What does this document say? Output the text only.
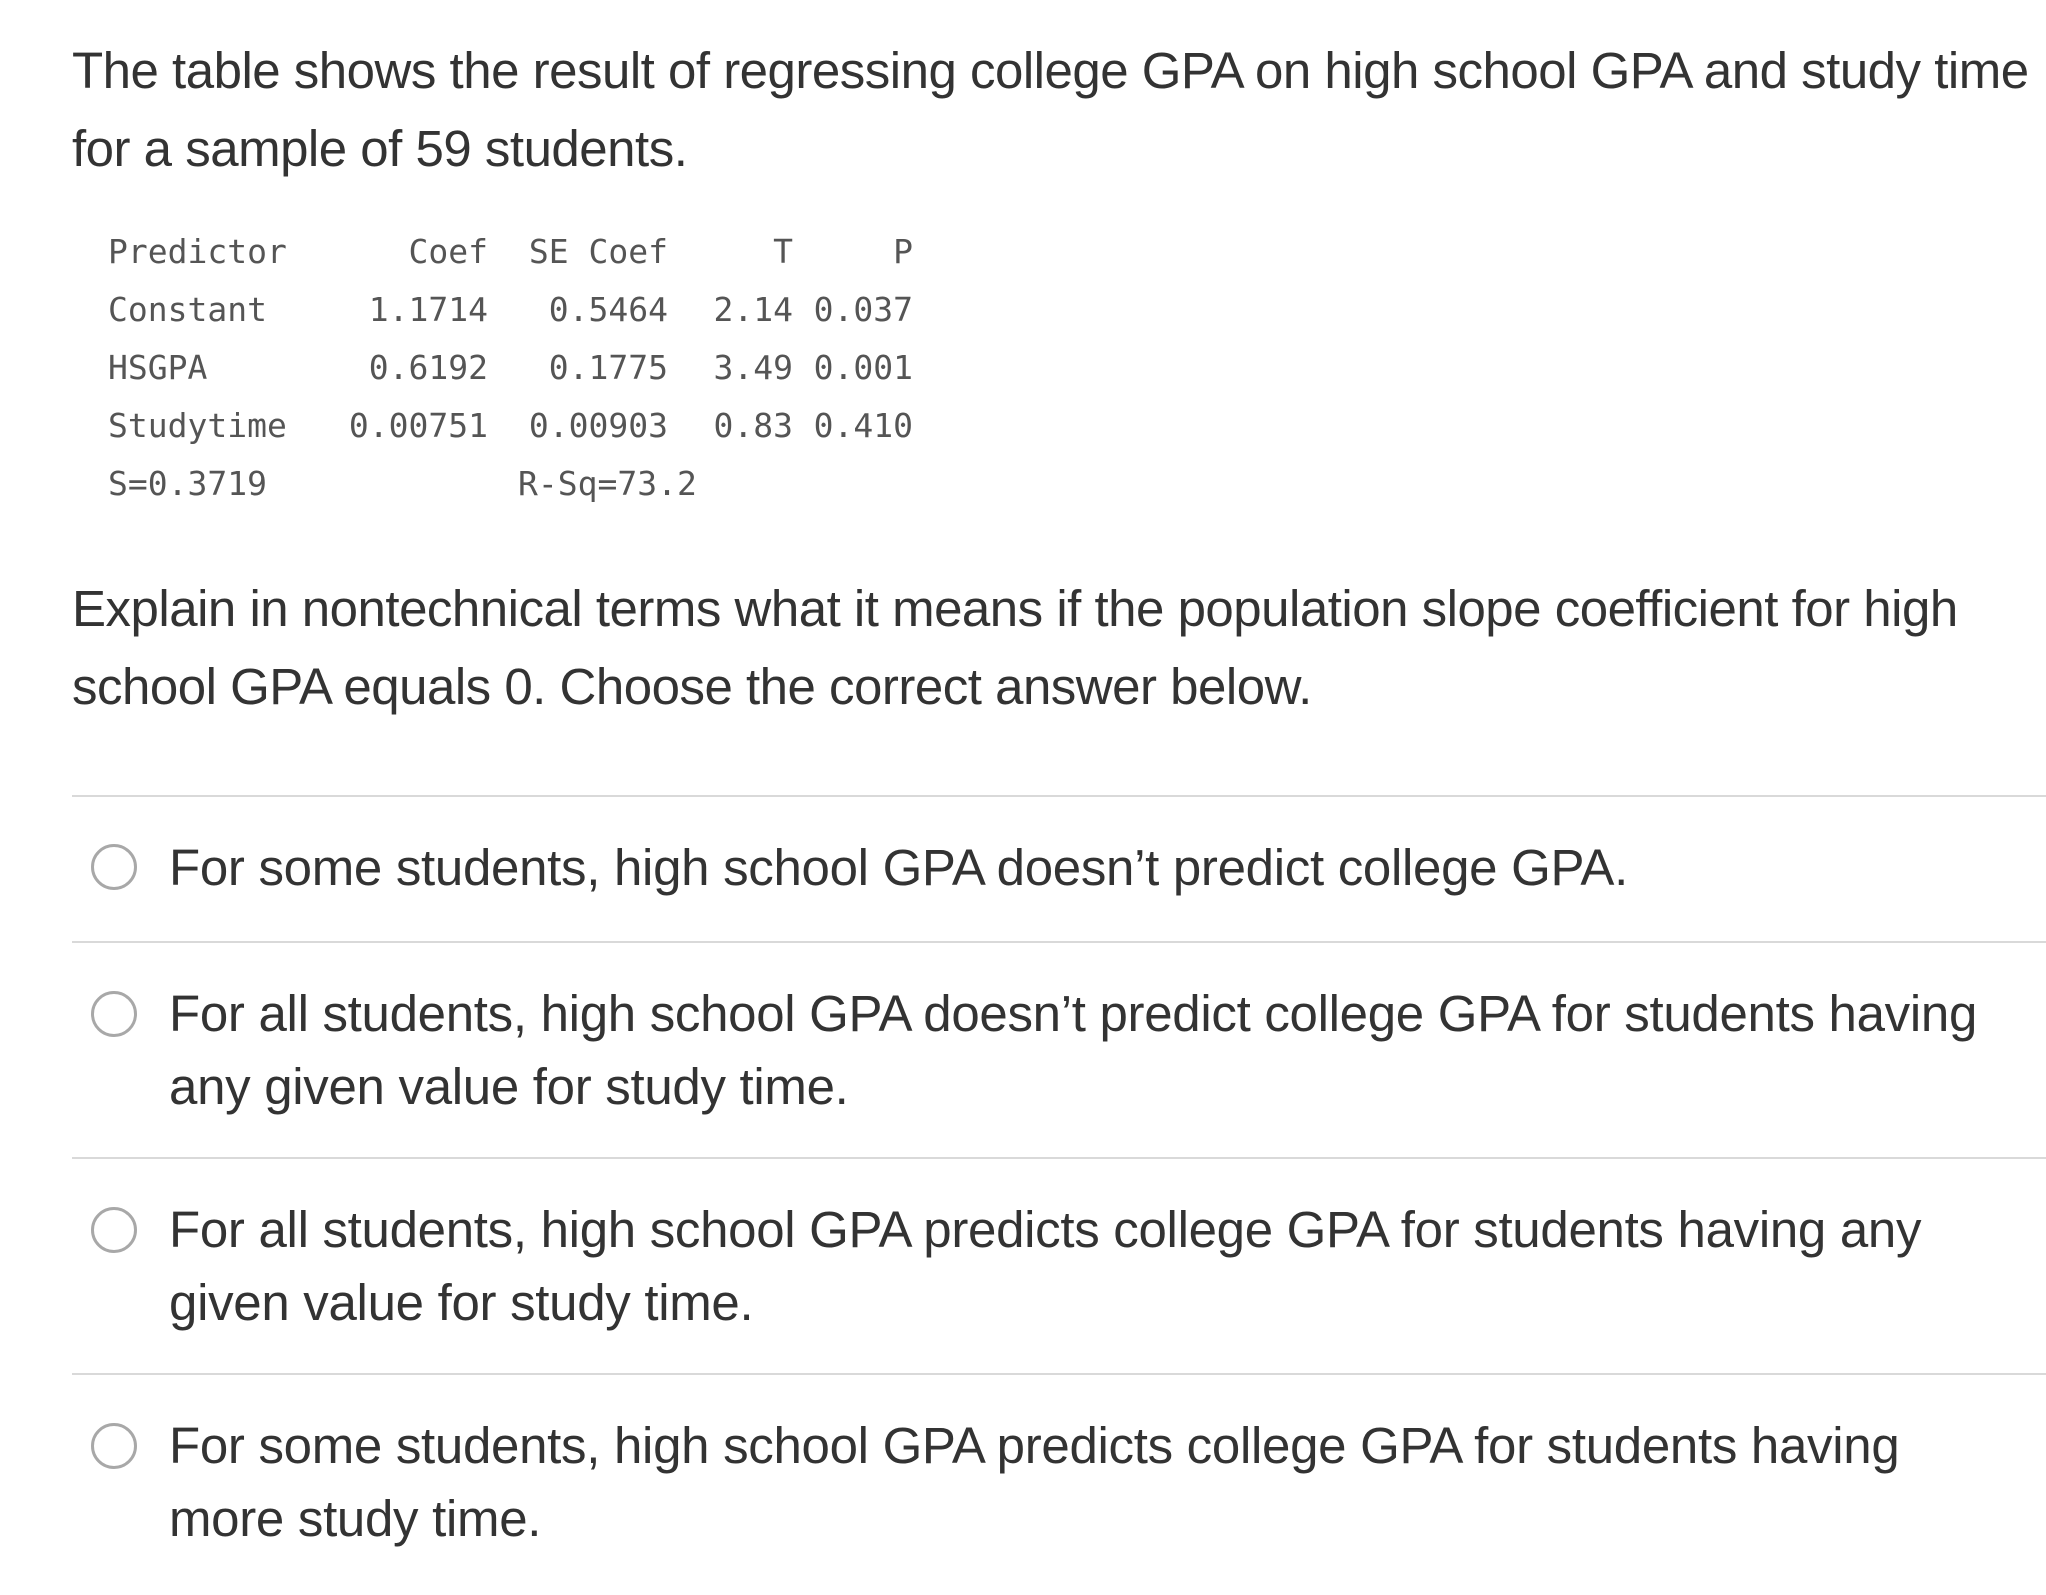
The table shows the result of regressing college GPA on high school GPA and study time for a sample of 59 students.
Predictor	Coef	SE Coef	T	P
Constant	1.1714	0.5464	2.14	0.037
HSGPA	0.6192	0.1775	3.49	0.001
Studytime	0.00751	0.00903	0.83	0.410
S=0.3719		R-Sq=73.2		
Explain in nontechnical terms what it means if the population slope coefficient for high school GPA equals 0. Choose the correct answer below.
For some students, high school GPA doesn’t predict college GPA.
For all students, high school GPA doesn’t predict college GPA for students having any given value for study time.
For all students, high school GPA predicts college GPA for students having any given value for study time.
For some students, high school GPA predicts college GPA for students having more study time.
